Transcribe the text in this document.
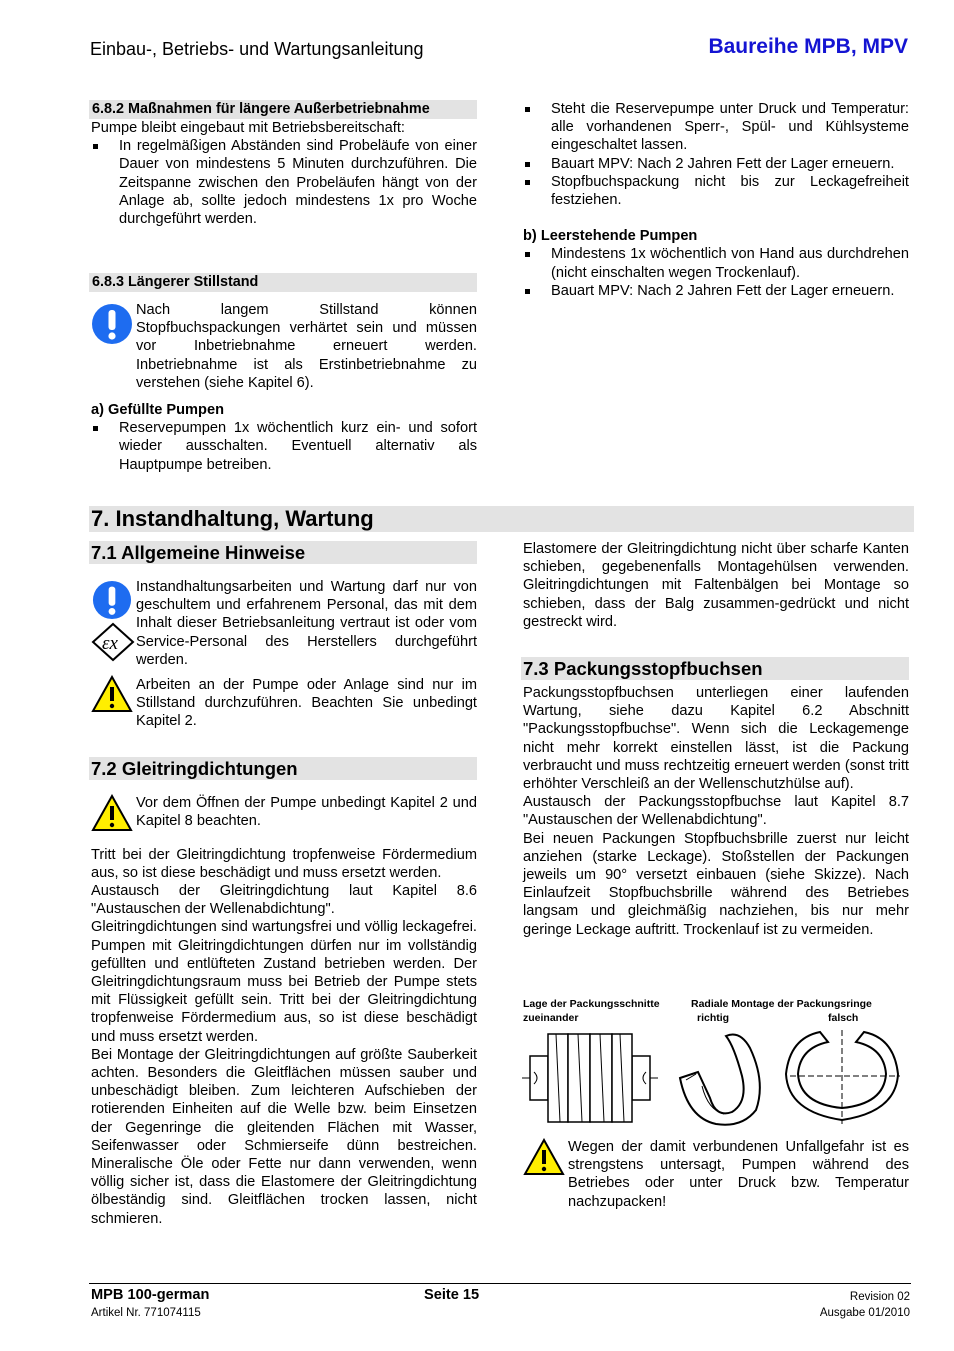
Einbau-, Betriebs- und Wartungsanleitung	Baureihe MPB, MPV
6.8.2 Maßnahmen für längere Außerbetriebnahme

Pumpe bleibt eingebaut mit Betriebsbereitschaft:

In regelmäßigen Abständen sind Probeläufe von einer Dauer von mindestens 5 Minuten durchzuführen. Die Zeitspanne zwischen den Probeläufen hängt von der Anlage ab, sollte jedoch mindestens 1x pro Woche durchgeführt werden.
6.8.3 Längerer Stillstand

Nach langem Stillstand können Stopfbuchspackungen verhärtet sein und müssen vor Inbetriebnahme erneuert werden. Inbetriebnahme ist als Erstinbetriebnahme zu verstehen (siehe Kapitel 6).

a) Gefüllte Pumpen
Reservepumpen 1x wöchentlich kurz ein- und sofort wieder ausschalten. Eventuell alternativ als Hauptpumpe betreiben.
Steht die Reservepumpe unter Druck und Temperatur: alle vorhandenen Sperr-, Spül- und Kühlsysteme eingeschaltet lassen.
Bauart MPV: Nach 2 Jahren Fett der Lager erneuern.
Stopfbuchspackung nicht bis zur Leckagefreiheit festziehen.
b) Leerstehende Pumpen
Mindestens 1x wöchentlich von Hand aus durchdrehen (nicht einschalten wegen Trockenlauf).
Bauart MPV: Nach 2 Jahren Fett der Lager erneuern.
7. Instandhaltung, Wartung
7.1 Allgemeine Hinweise
εx

Instandhaltungsarbeiten und Wartung darf nur von geschultem und erfahrenem Personal, das mit dem Inhalt dieser Betriebsanleitung vertraut ist oder vom Service-Personal des Herstellers durchgeführt werden.

Arbeiten an der Pumpe oder Anlage sind nur im Stillstand durchzuführen. Beachten Sie unbedingt Kapitel 2.

7.2 Gleitringdichtungen

Vor dem Öffnen der Pumpe unbedingt Kapitel 2 und Kapitel 8 beachten.

Tritt bei der Gleitringdichtung tropfenweise Fördermedium aus, so ist diese beschädigt und muss ersetzt werden.

Austausch der Gleitringdichtung laut Kapitel 8.6 "Austauschen der Wellenabdichtung".

Gleitringdichtungen sind wartungsfrei und völlig leckagefrei. Pumpen mit Gleitringdichtungen dürfen nur im vollständig gefüllten und entlüfteten Zustand betrieben werden. Der Gleitringdichtungsraum muss bei Betrieb der Pumpe stets mit Flüssigkeit gefüllt sein. Tritt bei der Gleitringdichtung tropfenweise Fördermedium aus, so ist diese beschädigt und muss ersetzt werden.

Bei Montage der Gleitringdichtungen auf größte Sauberkeit achten. Besonders die Gleitflächen müssen sauber und unbeschädigt bleiben. Zum leichteren Aufschieben der rotierenden Einheiten auf die Welle bzw. beim Einsetzen der Gegenringe die gleitenden Flächen mit Wasser, Seifenwasser oder Schmierseife dünn bestreichen. Mineralische Öle oder Fette nur dann verwenden, wenn völlig sicher ist, dass die Elastomere der Gleitringdichtung ölbeständig sind. Gleitflächen trocken lassen, nicht schmieren.

Elastomere der Gleitringdichtung nicht über scharfe Kanten schieben, gegebenenfalls Montagehülsen verwenden. Gleitringdichtungen mit Faltenbälgen bei Montage so schieben, dass der Balg zusammen-gedrückt und nicht gestreckt wird.

7.3 Packungsstopfbuchsen

Packungsstopfbuchsen unterliegen einer laufenden Wartung, siehe dazu Kapitel 6.2 Abschnitt "Packungsstopfbuchse". Wenn sich die Leckagemenge nicht mehr korrekt einstellen lässt, ist die Packung verbraucht und muss rechtzeitig erneuert werden (sonst tritt erhöhter Verschleiß an der Wellenschutzhülse auf).

Austausch der Packungsstopfbuchse laut Kapitel 8.7 "Austauschen der Wellenabdichtung".

Bei neuen Packungen Stopfbuchsbrille zuerst nur leicht anziehen (starke Leckage). Stoßstellen der Packungen jeweils um 90° versetzt einbauen (siehe Skizze). Nach Einlaufzeit Stopfbuchsbrille während des Betriebes langsam und gleichmäßig nachziehen, bis nur mehr geringe Leckage auftritt. Trockenlauf ist zu vermeiden.

Lage der Packungsschnitte zueinander
Radiale Montage der Packungsringe
richtig	falsch

Wegen der damit verbundenen Unfallgefahr ist es strengstens untersagt, Pumpen während des Betriebes oder unter Druck bzw. Temperatur nachzupacken!

MPB 100-german
Artikel Nr. 771074115
Seite 15	Revision 02
Ausgabe 01/2010
